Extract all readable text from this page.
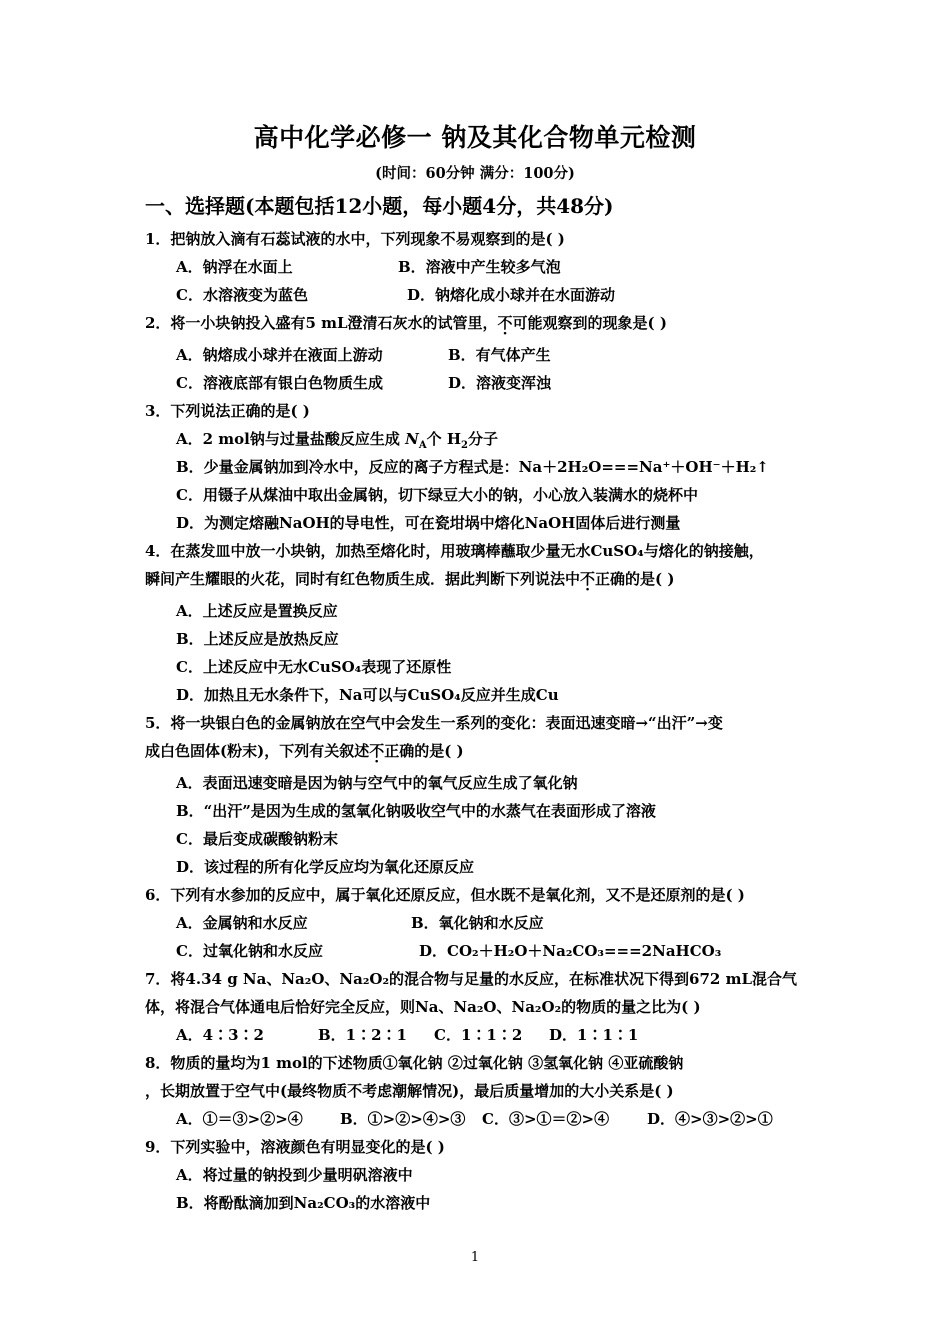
高中化学必修一 钠及其化合物单元检测
(时间：60分钟 满分：100分)
一、选择题(本题包括12小题，每小题4分，共48分)
1．把钠放入滴有石蕊试液的水中，下列现象不易观察到的是( )
A．钠浮在水面上	B．溶液中产生较多气泡
C．水溶液变为蓝色	D．钠熔化成小球并在水面游动
2．将一小块钠投入盛有5 mL澄清石灰水的试管里，不可能观察到的现象是( )
A．钠熔成小球并在液面上游动	B．有气体产生
C．溶液底部有银白色物质生成	D．溶液变浑浊
3．下列说法正确的是( )
A．2 mol钠与过量盐酸反应生成 $N_A$个 $H_2$分子
B．少量金属钠加到冷水中，反应的离子方程式是：Na＋2H₂O===Na⁺＋OH⁻＋H₂↑
C．用镊子从煤油中取出金属钠，切下绿豆大小的钠，小心放入装满水的烧杯中
D．为测定熔融NaOH的导电性，可在瓷坩埚中熔化NaOH固体后进行测量
4．在蒸发皿中放一小块钠，加热至熔化时，用玻璃棒蘸取少量无水CuSO₄与熔化的钠接触，
瞬间产生耀眼的火花，同时有红色物质生成．据此判断下列说法中不正确的是( )
A．上述反应是置换反应
B．上述反应是放热反应
C．上述反应中无水CuSO₄表现了还原性
D．加热且无水条件下，Na可以与CuSO₄反应并生成Cu
5．将一块银白色的金属钠放在空气中会发生一系列的变化：表面迅速变暗→“出汗”→变
成白色固体(粉末)，下列有关叙述不正确的是( )
A．表面迅速变暗是因为钠与空气中的氧气反应生成了氧化钠
B．“出汗”是因为生成的氢氧化钠吸收空气中的水蒸气在表面形成了溶液
C．最后变成碳酸钠粉末
D．该过程的所有化学反应均为氧化还原反应
6．下列有水参加的反应中，属于氧化还原反应，但水既不是氧化剂，又不是还原剂的是( )
A．金属钠和水反应	B．氧化钠和水反应
C．过氧化钠和水反应	D．CO₂＋H₂O＋Na₂CO₃===2NaHCO₃
7．将4.34 g Na、Na₂O、Na₂O₂的混合物与足量的水反应，在标准状况下得到672 mL混合气
体，将混合气体通电后恰好完全反应，则Na、Na₂O、Na₂O₂的物质的量之比为( )
A．4∶3∶2	B．1∶2∶1 C．1∶1∶2 D．1∶1∶1
8．物质的量均为1 mol的下述物质①氧化钠 ②过氧化钠 ③氢氧化钠 ④亚硫酸钠
，长期放置于空气中(最终物质不考虑潮解情况)，最后质量增加的大小关系是( )
A．①＝③>②>④ B．①>②>④>③ C．③>①＝②>④	D．④>③>②>①
9．下列实验中，溶液颜色有明显变化的是( )
A．将过量的钠投到少量明矾溶液中
B．将酚酞滴加到Na₂CO₃的水溶液中
1
